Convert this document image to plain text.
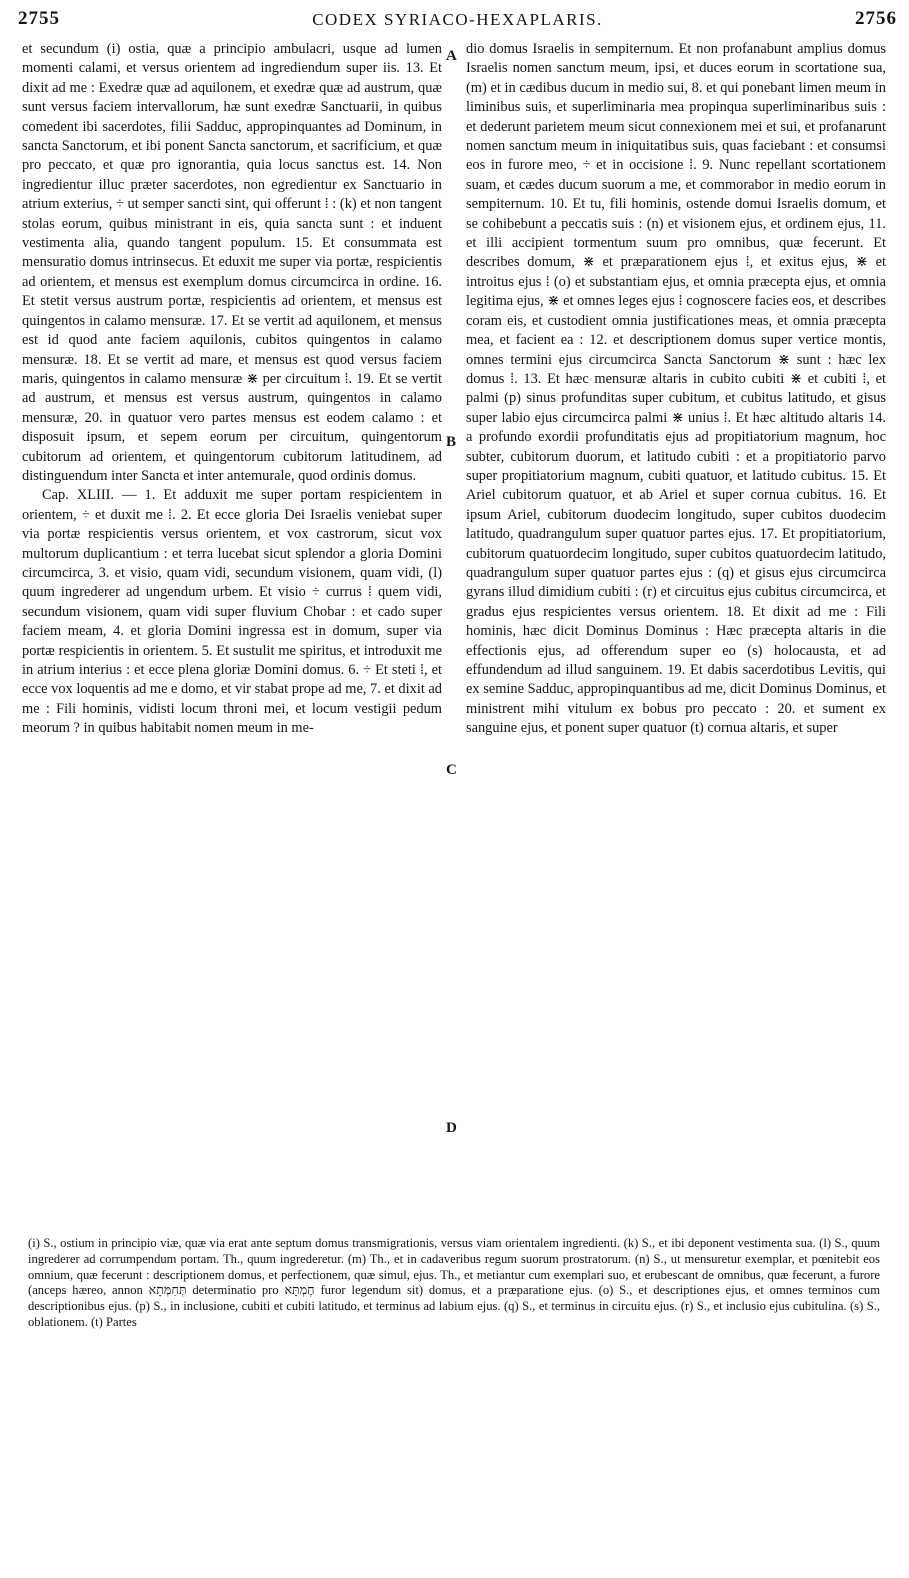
2755	CODEX SYRIACO-HEXAPLARIS.	2756

et secundum (i) ostia, quæ a principio ambulacri, usque ad lumen momenti calami, et versus orientem ad ingrediendum super iis. 13. Et dixit ad me : Exedræ quæ ad aquilonem, et exedræ quæ ad austrum, quæ sunt versus faciem intervallorum, hæ sunt exedræ Sanctuarii, in quibus comedent ibi sacerdotes, filii Sadduc, appropinquantes ad Dominum, in sancta Sanctorum, et ibi ponent Sancta sanctorum, et sacrificium, et quæ pro peccato, et quæ pro ignorantia, quia locus sanctus est. 14. Non ingredientur illuc præter sacerdotes, non egredientur ex Sanctuario in atrium exterius, ÷ ut semper sancti sint, qui offerunt ⁞ : (k) et non tangent stolas eorum, quibus ministrant in eis, quia sancta sunt : et induent vestimenta alia, quando tangent populum. 15. Et consummata est mensuratio domus intrinsecus. Et eduxit me super via portæ, respicientis ad orientem, et mensus est exemplum domus circumcirca in ordine. 16. Et stetit versus austrum portæ, respicientis ad orientem, et mensus est quingentos in calamo mensuræ. 17. Et se vertit ad aquilonem, et mensus est id quod ante faciem aquilonis, cubitos quingentos in calamo mensuræ. 18. Et se vertit ad mare, et mensus est quod versus faciem maris, quingentos in calamo mensuræ ⋇ per circuitum ⁞. 19. Et se vertit ad austrum, et mensus est versus austrum, quingentos in calamo mensuræ, 20. in quatuor vero partes mensus est eodem calamo : et disposuit ipsum, et sepem eorum per circuitum, quingentorum cubitorum ad orientem, et quingentorum cubitorum latitudinem, ad distinguendum inter Sancta et inter antemurale, quod ordinis domus.

Cap. XLIII. — 1. Et adduxit me super portam respicientem in orientem, ÷ et duxit me ⁞. 2. Et ecce gloria Dei Israelis veniebat super via portæ respicientis versus orientem, et vox castrorum, sicut vox multorum duplicantium : et terra lucebat sicut splendor a gloria Domini circumcirca, 3. et visio, quam vidi, secundum visionem, quam vidi, (l) quum ingrederer ad ungendum urbem. Et visio ÷ currus ⁞ quem vidi, secundum visionem, quam vidi super fluvium Chobar : et cado super faciem meam, 4. et gloria Domini ingressa est in domum, super via portæ respicientis in orientem. 5. Et sustulit me spiritus, et introduxit me in atrium interius : et ecce plena gloriæ Domini domus. 6. ÷ Et steti ⁞, et ecce vox loquentis ad me e domo, et vir stabat prope ad me, 7. et dixit ad me : Fili hominis, vidisti locum throni mei, et locum vestigii pedum meorum ? in quibus habitabit nomen meum in me-

A
B
C
D

dio domus Israelis in sempiternum. Et non profanabunt amplius domus Israelis nomen sanctum meum, ipsi, et duces eorum in scortatione sua, (m) et in cædibus ducum in medio sui, 8. et qui ponebant limen meum in liminibus suis, et superliminaria mea propinqua superliminaribus suis : et dederunt parietem meum sicut connexionem mei et sui, et profanarunt nomen sanctum meum in iniquitatibus suis, quas faciebant : et consumsi eos in furore meo, ÷ et in occisione ⁞. 9. Nunc repellant scortationem suam, et cædes ducum suorum a me, et commorabor in medio eorum in sempiternum. 10. Et tu, fili hominis, ostende domui Israelis domum, et se cohibebunt a peccatis suis : (n) et visionem ejus, et ordinem ejus, 11. et illi accipient tormentum suum pro omnibus, quæ fecerunt. Et describes domum, ⋇ et præparationem ejus ⁞, et exitus ejus, ⋇ et introitus ejus ⁞ (o) et substantiam ejus, et omnia præcepta ejus, et omnia legitima ejus, ⋇ et omnes leges ejus ⁞ cognoscere facies eos, et describes coram eis, et custodient omnia justificationes meas, et omnia præcepta mea, et facient ea : 12. et descriptionem domus super vertice montis, omnes termini ejus circumcirca Sancta Sanctorum ⋇ sunt : hæc lex domus ⁞. 13. Et hæc mensuræ altaris in cubito cubiti ⋇ et cubiti ⁞, et palmi (p) sinus profunditas super cubitum, et cubitus latitudo, et gisus super labio ejus circumcirca palmi ⋇ unius ⁞. Et hæc altitudo altaris 14. a profundo exordii profunditatis ejus ad propitiatorium magnum, hoc subter, cubitorum duorum, et latitudo cubiti : et a propitiatorio parvo super propitiatorium magnum, cubiti quatuor, et latitudo cubitus. 15. Et Ariel cubitorum quatuor, et ab Ariel et super cornua cubitus. 16. Et ipsum Ariel, cubitorum duodecim longitudo, super cubitos duodecim latitudo, quadrangulum super quatuor partes ejus. 17. Et propitiatorium, cubitorum quatuordecim longitudo, super cubitos quatuordecim latitudo, quadrangulum super quatuor partes ejus : (q) et gisus ejus circumcirca gyrans illud dimidium cubiti : (r) et circuitus ejus cubitus circumcirca, et gradus ejus respicientes versus orientem. 18. Et dixit ad me : Fili hominis, hæc dicit Dominus Dominus : Hæc præcepta altaris in die effectionis ejus, ad offerendum super eo (s) holocausta, et ad effundendum ad illud sanguinem. 19. Et dabis sacerdotibus Levitis, qui ex semine Sadduc, appropinquantibus ad me, dicit Dominus Dominus, et ministrent mihi vitulum ex bobus pro peccato : 20. et sument ex sanguine ejus, et ponent super quatuor (t) cornua altaris, et super

(i) S., ostium in principio viæ, quæ via erat ante septum domus transmigrationis, versus viam orientalem ingredienti. (k) S., et ibi deponent vestimenta sua. (l) S., quum ingrederer ad corrumpendum portam. Th., quum ingrederetur. (m) Th., et in cadaveribus regum suorum prostratorum. (n) S., ut mensuretur exemplar, et pœnitebit eos omnium, quæ fecerunt : descriptionem domus, et perfectionem, quæ simul, ejus. Th., et metiantur cum exemplari suo, et erubescant de omnibus, quæ fecerunt, a furore (anceps hæreo, annon תְּחִמְּתָא determinatio pro חֶמְתָּא furor legendum sit) domus, et a præparatione ejus. (o) S., et descriptiones ejus, et omnes terminos cum descriptionibus ejus. (p) S., in inclusione, cubiti et cubiti latitudo, et terminus ad labium ejus. (q) S., et terminus in circuitu ejus. (r) S., et inclusio ejus cubitulina. (s) S., oblationem. (t) Partes
